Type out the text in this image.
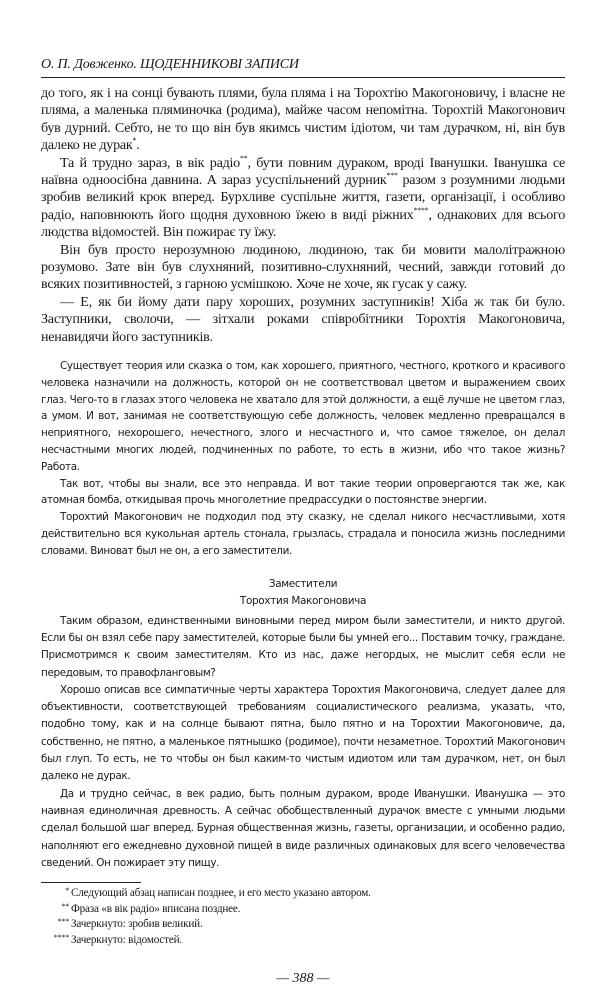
О. П. Довженко. ЩОДЕННИКОВІ ЗАПИСИ

до того, як і на сонці бувають плями, була пляма і на Торохтію Макогоновичу, і власне не пляма, а маленька пляминочка (родима), майже часом непомітна. Торохтій Макогонович був дурний. Себто, не то що він був якимсь чистим ідіотом, чи там дурачком, ні, він був далеко не дурак*.

Та й трудно зараз, в вік радіо**, бути повним дураком, вроді Іванушки. Іванушка се наївна одноосібна давнина. А зараз усуспільнений дурник*** разом з розумними людьми зробив великий крок вперед. Бурхливе суспільне життя, газети, організації, і особливо радіо, наповнюють його щодня духовною їжею в виді ріжних****, однакових для всього людства відомостей. Він пожирає ту їжу.

Він був просто нерозумною людиною, людиною, так би мовити малолітражною розумово. Зате він був слухняний, позитивно-слухняний, чесний, завжди готовий до всяких позитивностей, з гарною усмішкою. Хоче не хоче, як гусак у сажу.

— Е, як би йому дати пару хороших, розумних заступників! Хіба ж так би було. Заступники, сволочи, — зітхали роками співробітники Торохтія Макогоновича, ненавидячи його заступників.

Существует теория или сказка о том, как хорошего, приятного, честного, кроткого и красивого человека назначили на должность, которой он не соответствовал цветом и выражением своих глаз. Чего-то в глазах этого человека не хватало для этой должности, а ещё лучше не цветом глаз, а умом. И вот, занимая не соответствующую себе должность, человек медленно превращался в неприятного, нехорошего, нечестного, злого и несчастного и, что самое тяжелое, он делал несчастными многих людей, подчиненных по работе, то есть в жизни, ибо что такое жизнь? Работа.

Так вот, чтобы вы знали, все это неправда. И вот такие теории опровергаются так же, как атомная бомба, откидывая прочь многолетние предрассудки о постоянстве энергии.

Торохтий Макогонович не подходил под эту сказку, не сделал никого несчастливыми, хотя действительно вся кукольная артель стонала, грызлась, страдала и поносила жизнь последними словами. Виноват был не он, а его заместители.

Заместители
Торохтия Макогоновича

Таким образом, единственными виновными перед миром были заместители, и никто другой. Если бы он взял себе пару заместителей, которые были бы умней его... Поставим точку, граждане. Присмотримся к своим заместителям. Кто из нас, даже негордых, не мыслит себя если не передовым, то правофланговым?

Хорошо описав все симпатичные черты характера Торохтия Макогоновича, следует далее для объективности, соответствующей требованиям социалистического реализма, указать, что, подобно тому, как и на солнце бывают пятна, было пятно и на Торохтии Макогоновиче, да, собственно, не пятно, а маленькое пятнышко (родимое), почти незаметное. Торохтий Макогонович был глуп. То есть, не то чтобы он был каким-то чистым идиотом или там дурачком, нет, он был далеко не дурак.

Да и трудно сейчас, в век радио, быть полным дураком, вроде Иванушки. Иванушка — это наивная единоличная древность. А сейчас обобществленный дурачок вместе с умными людьми сделал большой шаг вперед. Бурная общественная жизнь, газеты, организации, и особенно радио, наполняют его ежедневно духовной пищей в виде различных одинаковых для всего человечества сведений. Он пожирает эту пищу.

* Следующий абзац написан позднее, и его место указано автором.
** Фраза «в вік радіо» вписана позднее.
*** Зачеркнуто: зробив великий.
**** Зачеркнуто: відомостей.
— 388 —
